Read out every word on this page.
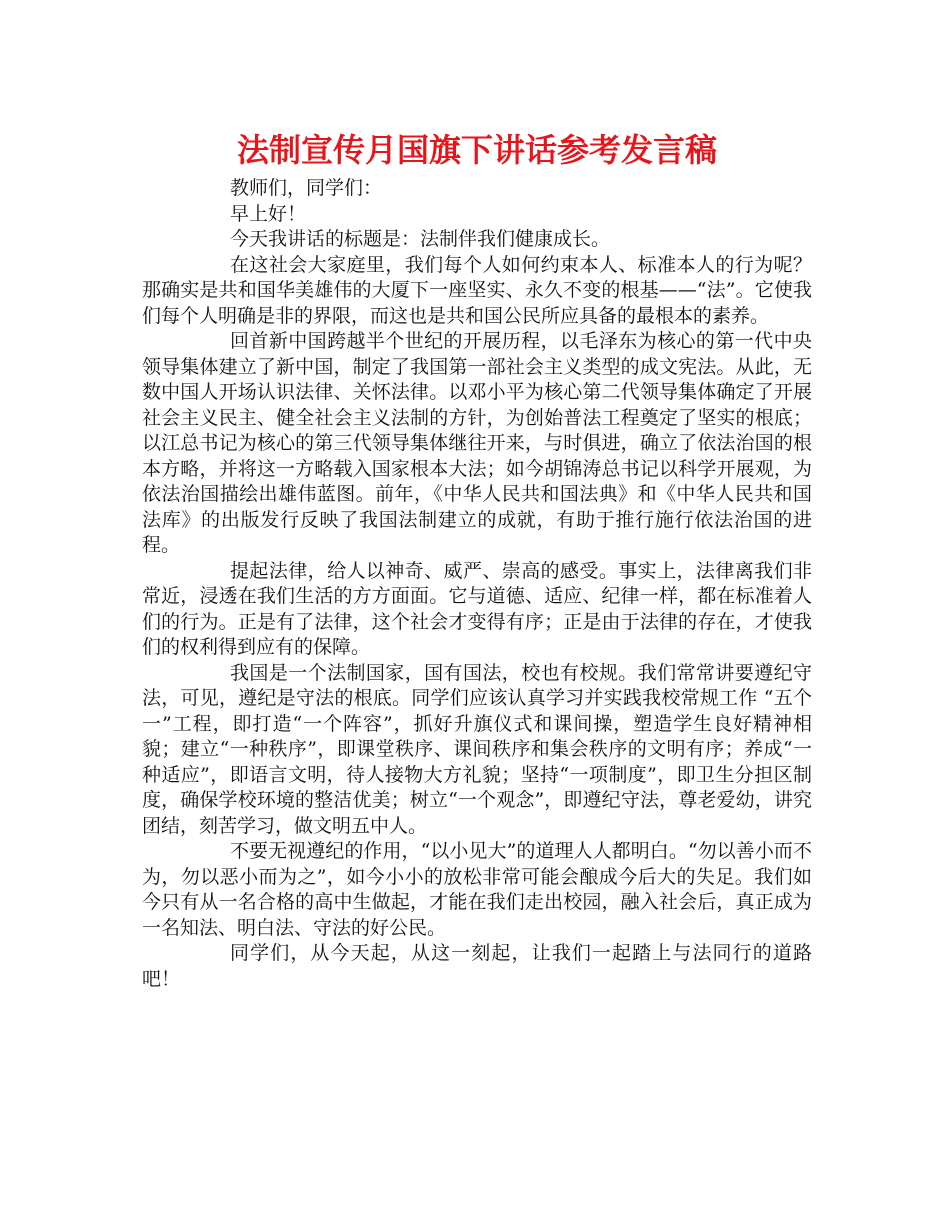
法制宣传月国旗下讲话参考发言稿

教师们，同学们：

早上好！

今天我讲话的标题是：法制伴我们健康成长。

在这社会大家庭里，我们每个人如何约束本人、标准本人的行为呢？那确实是共和国华美雄伟的大厦下一座坚实、永久不变的根基——“法”。它使我们每个人明确是非的界限，而这也是共和国公民所应具备的最根本的素养。

回首新中国跨越半个世纪的开展历程，以毛泽东为核心的第一代中央领导集体建立了新中国，制定了我国第一部社会主义类型的成文宪法。从此，无数中国人开场认识法律、关怀法律。以邓小平为核心第二代领导集体确定了开展社会主义民主、健全社会主义法制的方针，为创始普法工程奠定了坚实的根底；以江总书记为核心的第三代领导集体继往开来，与时俱进，确立了依法治国的根本方略，并将这一方略载入国家根本大法；如今胡锦涛总书记以科学开展观，为依法治国描绘出雄伟蓝图。前年，《中华人民共和国法典》和《中华人民共和国法库》的出版发行反映了我国法制建立的成就，有助于推行施行依法治国的进程。

提起法律，给人以神奇、威严、崇高的感受。事实上，法律离我们非常近，浸透在我们生活的方方面面。它与道德、适应、纪律一样，都在标准着人们的行为。正是有了法律，这个社会才变得有序；正是由于法律的存在，才使我们的权利得到应有的保障。

我国是一个法制国家，国有国法，校也有校规。我们常常讲要遵纪守法，可见，遵纪是守法的根底。同学们应该认真学习并实践我校常规工作 “五个一”工程，即打造“一个阵容”，抓好升旗仪式和课间操，塑造学生良好精神相貌；建立“一种秩序”，即课堂秩序、课间秩序和集会秩序的文明有序；养成“一种适应”，即语言文明，待人接物大方礼貌；坚持“一项制度”，即卫生分担区制度，确保学校环境的整洁优美；树立“一个观念”，即遵纪守法，尊老爱幼，讲究团结，刻苦学习，做文明五中人。

不要无视遵纪的作用，“以小见大”的道理人人都明白。“勿以善小而不为，勿以恶小而为之”，如今小小的放松非常可能会酿成今后大的失足。我们如今只有从一名合格的高中生做起，才能在我们走出校园，融入社会后，真正成为一名知法、明白法、守法的好公民。

同学们，从今天起，从这一刻起，让我们一起踏上与法同行的道路吧！
